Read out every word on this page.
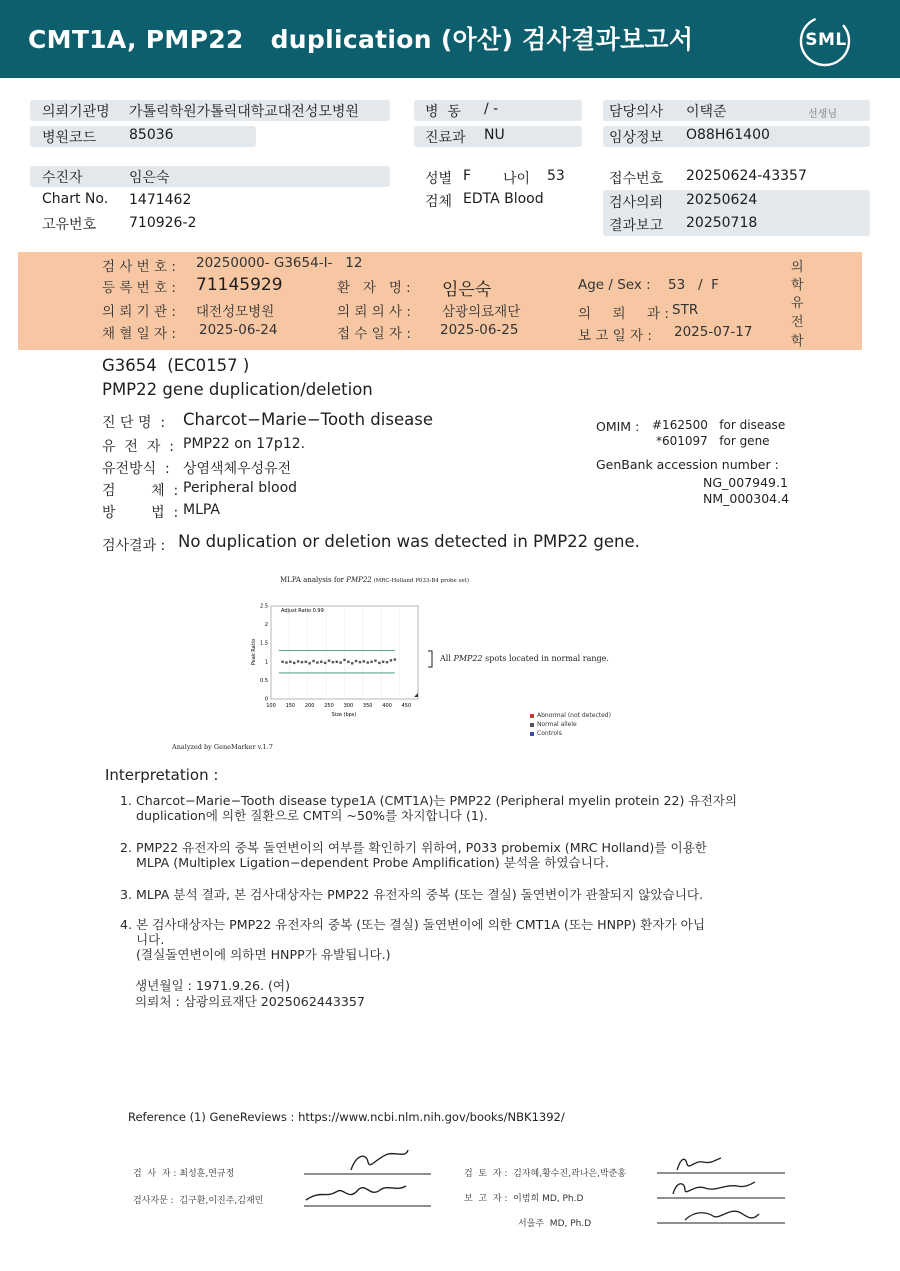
CMT1A, PMP22   duplication (아산) 검사결과보고서	SML
의뢰기관명 가톨릭학원가톨릭대학교대전성모병원
병원코드 85036
병  동 / -
진료과 NU
담당의사 이택준	선생님
임상정보 O88H61400
수진자	임은숙
Chart No. 1471462
고유번호 710926-2
성별 F 나이 53
검체 EDTA Blood
접수번호 20250624-43357
검사의뢰 20250624
결과보고 20250718
검 사 번 호 : 20250000- G3654-I-   12
등 록 번 호 : 71145929	환   자   명 : 임은숙	Age / Sex : 53   /  F
의 뢰 기 관 : 대전성모병원	의 뢰 의 사 : 삼광의료재단	의     뢰     과 : STR
채 혈 일 자 : 2025-06-24	접 수 일 자 : 2025-06-25	보 고 일 자 : 2025-07-17
의
학
유
전
학
G3654  (EC0157 )
PMP22 gene duplication/deletion
진 단 명  : Charcot−Marie−Tooth disease
유  전  자  : PMP22 on 17p12.
유전방식  : 상염색체우성유전
검        체  : Peripheral blood
방        법  : MLPA
OMIM : #162500   for disease
*601097   for gene
GenBank accession number :
NG_007949.1
NM_000304.4
검사결과 : No duplication or deletion was detected in PMP22 gene.
MLPA analysis for PMP22 (MRC-Holland P033-B4 probe set)
2.5
2
1.5
1
0.5
0
100 150 200 250 300 350 400 450
Adjust Ratio 0.99
Size (bps)
Peak Ratio	All PMP22 spots located in normal range.
Abnormal (not detected)
Normal allele
Controls
Analyzed by GeneMarker v.1.7
Interpretation :
1. Charcot−Marie−Tooth disease type1A (CMT1A)는 PMP22 (Peripheral myelin protein 22) 유전자의
duplication에 의한 질환으로 CMT의 ~50%를 차지합니다 (1).
2. PMP22 유전자의 중복 돌연변이의 여부를 확인하기 위하여, P033 probemix (MRC Holland)를 이용한
MLPA (Multiplex Ligation−dependent Probe Amplification) 분석을 하였습니다.
3. MLPA 분석 결과, 본 검사대상자는 PMP22 유전자의 중복 (또는 결실) 돌연변이가 관찰되지 않았습니다.
4. 본 검사대상자는 PMP22 유전자의 중복 (또는 결실) 돌연변이에 의한 CMT1A (또는 HNPP) 환자가 아닙
니다.
(결실돌연변이에 의하면 HNPP가 유발됩니다.)
생년월일 : 1971.9.26. (여)
의뢰처 : 삼광의료재단 2025062443357
Reference (1) GeneReviews : https://www.ncbi.nlm.nih.gov/books/NBK1392/
검  사  자 : 최성훈,연규정
검사자문 :  김구환,이진주,김재민
검  토  자 :  김자혜,황수진,곽나은,박준홍
보  고  자 :  이범희 MD, Ph.D
서을주  MD, Ph.D
